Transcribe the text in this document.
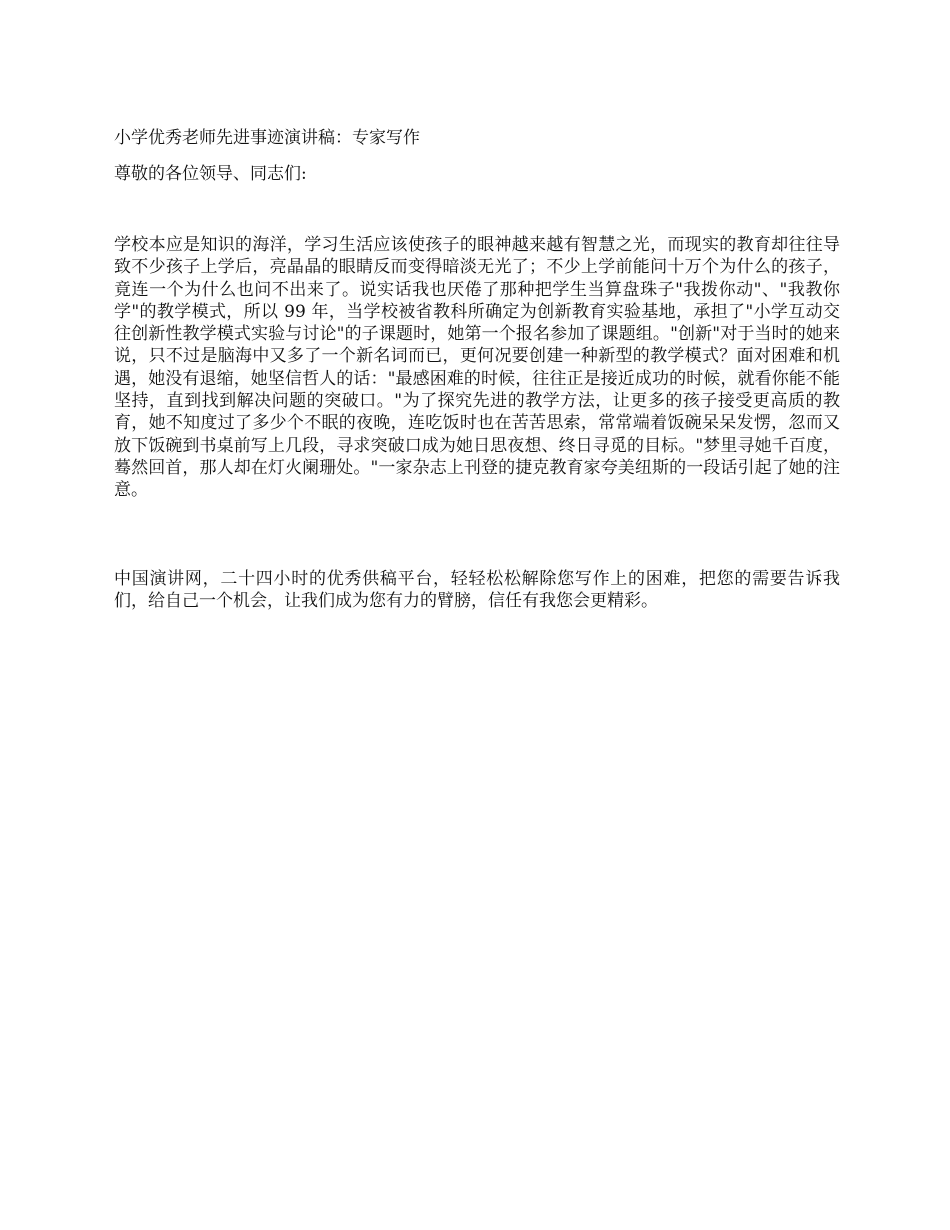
小学优秀老师先进事迹演讲稿：专家写作
尊敬的各位领导、同志们:
学校本应是知识的海洋，学习生活应该使孩子的眼神越来越有智慧之光，而现实的教育却往往导致不少孩子上学后，亮晶晶的眼睛反而变得暗淡无光了；不少上学前能问十万个为什么的孩子，竟连一个为什么也问不出来了。说实话我也厌倦了那种把学生当算盘珠子"我拨你动"、"我教你学"的教学模式，所以 99 年，当学校被省教科所确定为创新教育实验基地，承担了"小学互动交往创新性教学模式实验与讨论"的子课题时，她第一个报名参加了课题组。"创新"对于当时的她来说，只不过是脑海中又多了一个新名词而已，更何况要创建一种新型的教学模式？面对困难和机遇，她没有退缩，她坚信哲人的话："最感困难的时候，往往正是接近成功的时候，就看你能不能坚持，直到找到解决问题的突破口。"为了探究先进的教学方法，让更多的孩子接受更高质的教育，她不知度过了多少个不眠的夜晚，连吃饭时也在苦苦思索，常常端着饭碗呆呆发愣，忽而又放下饭碗到书桌前写上几段，寻求突破口成为她日思夜想、终日寻觅的目标。"梦里寻她千百度，蓦然回首，那人却在灯火阑珊处。"一家杂志上刊登的捷克教育家夸美纽斯的一段话引起了她的注意。
中国演讲网，二十四小时的优秀供稿平台，轻轻松松解除您写作上的困难，把您的需要告诉我们，给自己一个机会，让我们成为您有力的臂膀，信任有我您会更精彩。
